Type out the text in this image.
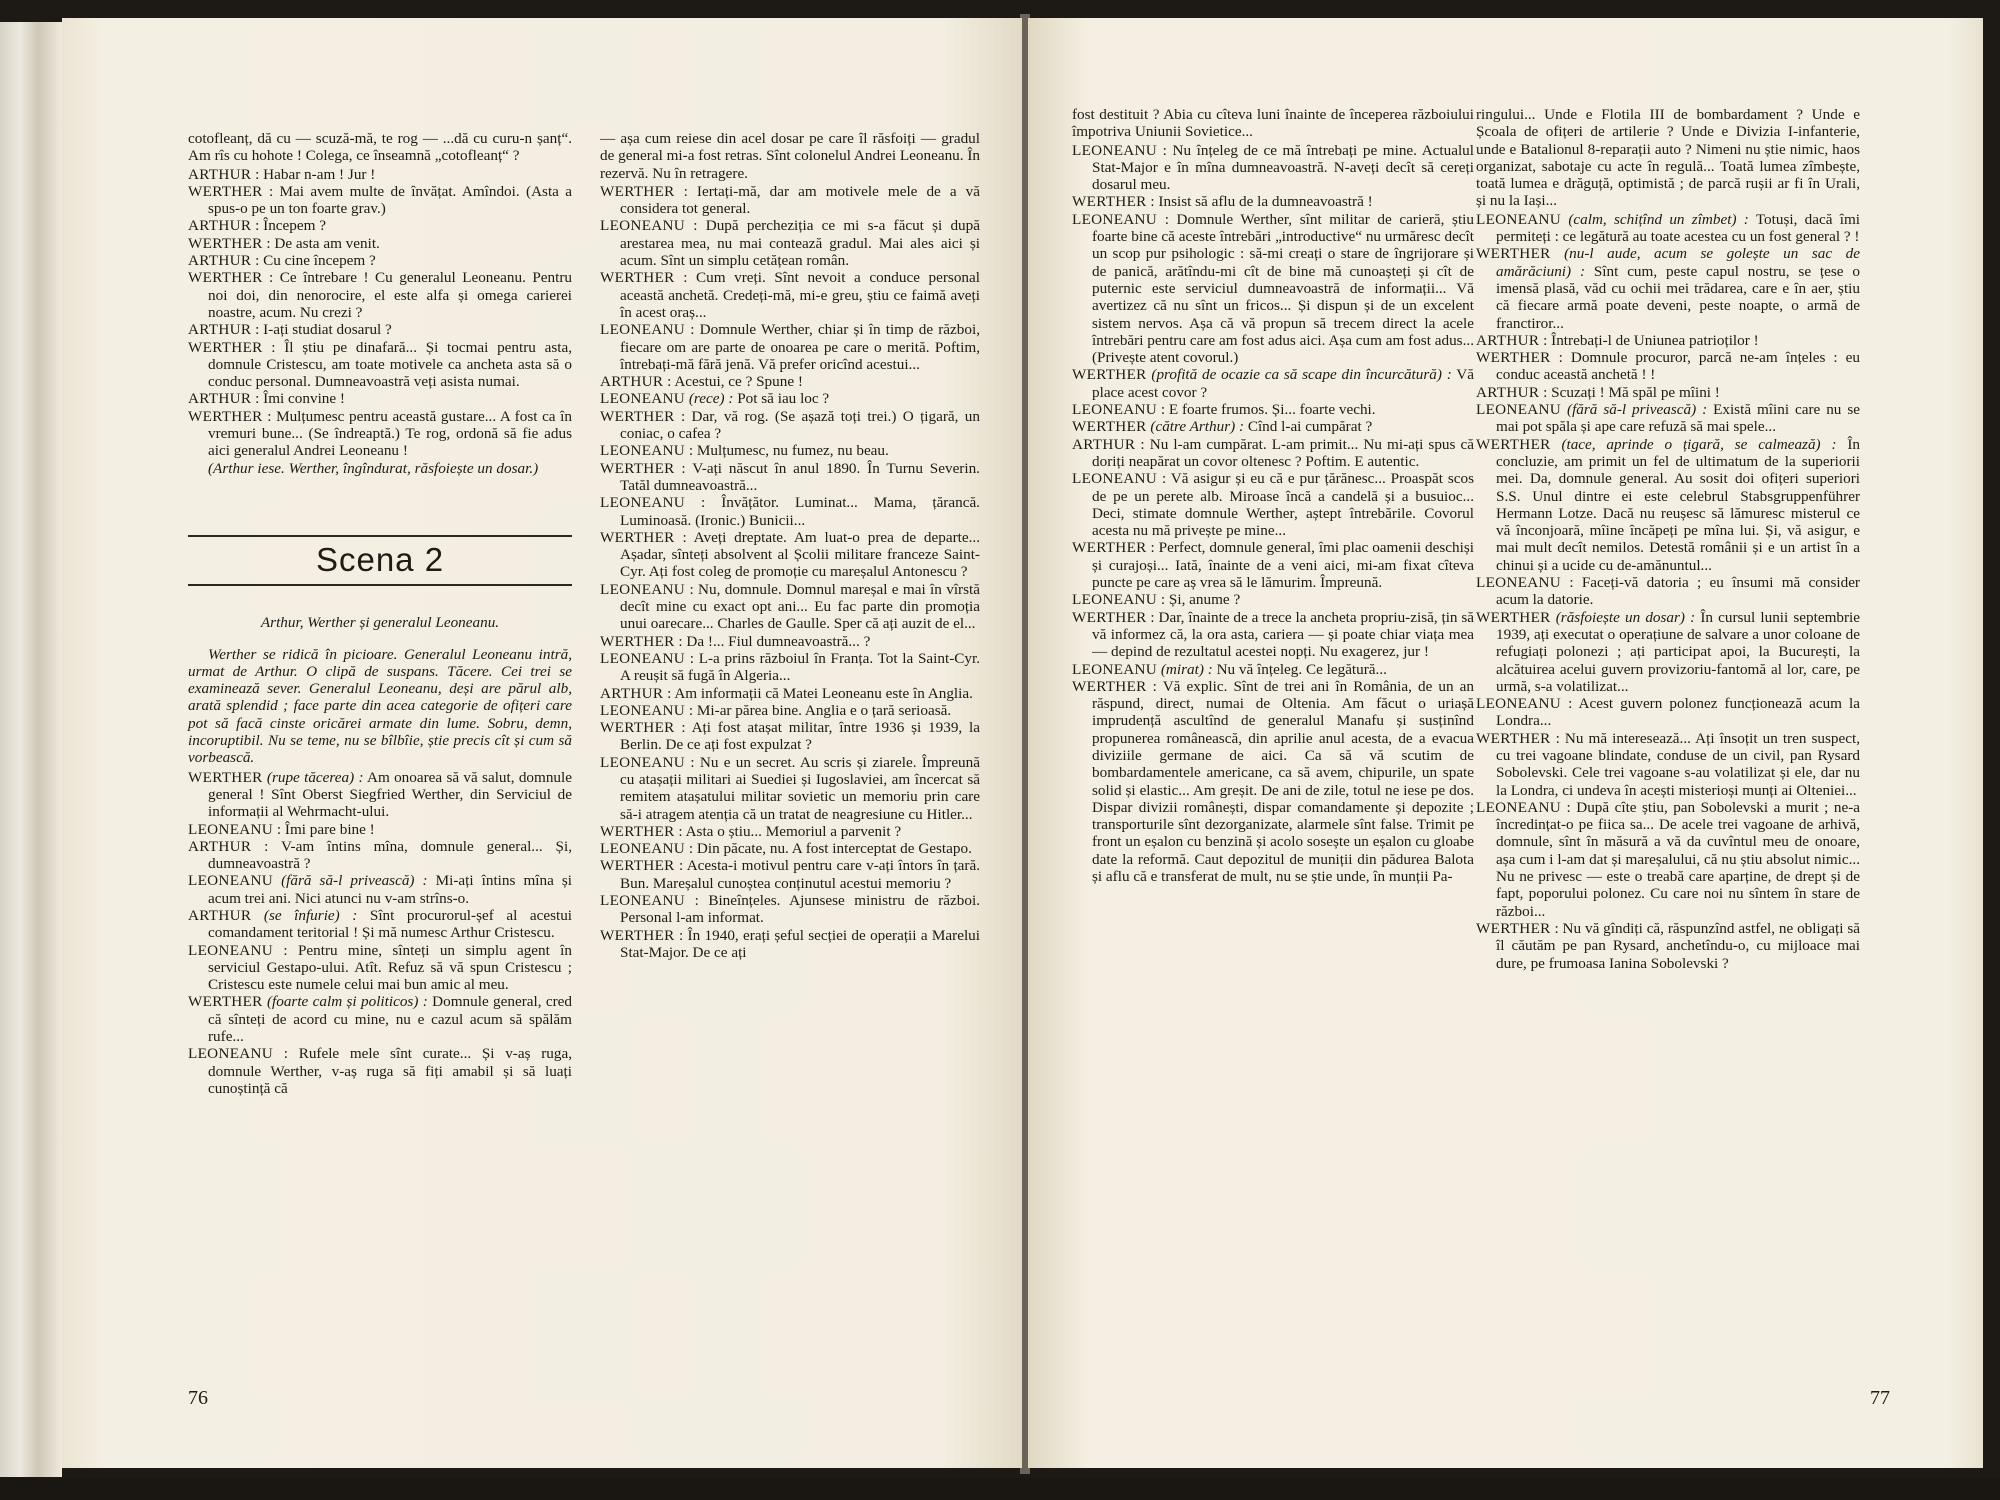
cotofleanț, dă cu — scuză-mă, te rog — ...dă cu curu-n șanț“. Am rîs cu hohote ! Colega, ce înseamnă „cotofleanț“ ?

ARTHUR : Habar n-am ! Jur !

WERTHER : Mai avem multe de învățat. Amîndoi. (Asta a spus-o pe un ton foarte grav.)

ARTHUR : Începem ?

WERTHER : De asta am venit.

ARTHUR : Cu cine începem ?

WERTHER : Ce întrebare ! Cu generalul Leoneanu. Pentru noi doi, din nenorocire, el este alfa și omega carierei noastre, acum. Nu crezi ?

ARTHUR : I-ați studiat dosarul ?

WERTHER : Îl știu pe dinafară... Și tocmai pentru asta, domnule Cristescu, am toate motivele ca ancheta asta să o conduc personal. Dumneavoastră veți asista numai.

ARTHUR : Îmi convine !

WERTHER : Mulțumesc pentru această gustare... A fost ca în vremuri bune... (Se îndreaptă.) Te rog, ordonă să fie adus aici generalul Andrei Leoneanu !

(Arthur iese. Werther, îngîndurat, răsfoiește un dosar.)

Scena 2
Arthur, Werther și generalul Leoneanu.

Werther se ridică în picioare. Generalul Leoneanu intră, urmat de Arthur. O clipă de suspans. Tăcere. Cei trei se examinează sever. Generalul Leoneanu, deși are părul alb, arată splendid ; face parte din acea categorie de ofițeri care pot să facă cinste oricărei armate din lume. Sobru, demn, incoruptibil. Nu se teme, nu se bîlbîie, știe precis cît și cum să vorbească.

WERTHER (rupe tăcerea) : Am onoarea să vă salut, domnule general ! Sînt Oberst Siegfried Werther, din Serviciul de informații al Wehrmacht-ului.

LEONEANU : Îmi pare bine !

ARTHUR : V-am întins mîna, domnule general... Și, dumneavoastră ?

LEONEANU (fără să-l privească) : Mi-ați întins mîna și acum trei ani. Nici atunci nu v-am strîns-o.

ARTHUR (se înfurie) : Sînt procurorul-șef al acestui comandament teritorial ! Și mă numesc Arthur Cristescu.

LEONEANU : Pentru mine, sînteți un simplu agent în serviciul Gestapo-ului. Atît. Refuz să vă spun Cristescu ; Cristescu este numele celui mai bun amic al meu.

WERTHER (foarte calm și politicos) : Domnule general, cred că sînteți de acord cu mine, nu e cazul acum să spălăm rufe...

LEONEANU : Rufele mele sînt curate... Și v-aș ruga, domnule Werther, v-aș ruga să fiți amabil și să luați cunoștință că

— așa cum reiese din acel dosar pe care îl răsfoiți — gradul de general mi-a fost retras. Sînt colonelul Andrei Leoneanu. În rezervă. Nu în retragere.

WERTHER : Iertați-mă, dar am motivele mele de a vă considera tot general.

LEONEANU : După percheziția ce mi s-a făcut și după arestarea mea, nu mai contează gradul. Mai ales aici și acum. Sînt un simplu cetățean român.

WERTHER : Cum vreți. Sînt nevoit a conduce personal această anchetă. Credeți-mă, mi-e greu, știu ce faimă aveți în acest oraș...

LEONEANU : Domnule Werther, chiar și în timp de război, fiecare om are parte de onoarea pe care o merită. Poftim, întrebați-mă fără jenă. Vă prefer oricînd acestui...

ARTHUR : Acestui, ce ? Spune !

LEONEANU (rece) : Pot să iau loc ?

WERTHER : Dar, vă rog. (Se așază toți trei.) O țigară, un coniac, o cafea ?

LEONEANU : Mulțumesc, nu fumez, nu beau.

WERTHER : V-ați născut în anul 1890. În Turnu Severin. Tatăl dumneavoastră...

LEONEANU : Învățător. Luminat... Mama, țărancă. Luminoasă. (Ironic.) Bunicii...

WERTHER : Aveți dreptate. Am luat-o prea de departe... Așadar, sînteți absolvent al Școlii militare franceze Saint-Cyr. Ați fost coleg de promoție cu mareșalul Antonescu ?

LEONEANU : Nu, domnule. Domnul mareșal e mai în vîrstă decît mine cu exact opt ani... Eu fac parte din promoția unui oarecare... Charles de Gaulle. Sper că ați auzit de el...

WERTHER : Da !... Fiul dumneavoastră... ?

LEONEANU : L-a prins războiul în Franța. Tot la Saint-Cyr. A reușit să fugă în Algeria...

ARTHUR : Am informații că Matei Leoneanu este în Anglia.

LEONEANU : Mi-ar părea bine. Anglia e o țară serioasă.

WERTHER : Ați fost atașat militar, între 1936 și 1939, la Berlin. De ce ați fost expulzat ?

LEONEANU : Nu e un secret. Au scris și ziarele. Împreună cu atașații militari ai Suediei și Iugoslaviei, am încercat să remitem atașatului militar sovietic un memoriu prin care să-i atragem atenția că un tratat de neagresiune cu Hitler...

WERTHER : Asta o știu... Memoriul a parvenit ?

LEONEANU : Din păcate, nu. A fost interceptat de Gestapo.

WERTHER : Acesta-i motivul pentru care v-ați întors în țară. Bun. Mareșalul cunoștea conținutul acestui memoriu ?

LEONEANU : Bineînțeles. Ajunsese ministru de război. Personal l-am informat.

WERTHER : În 1940, erați șeful secției de operații a Marelui Stat-Major. De ce ați

76

fost destituit ? Abia cu cîteva luni înainte de începerea războiului împotriva Uniunii Sovietice...

LEONEANU : Nu înțeleg de ce mă întrebați pe mine. Actualul Stat-Major e în mîna dumneavoastră. N-aveți decît să cereți dosarul meu.

WERTHER : Insist să aflu de la dumneavoastră !

LEONEANU : Domnule Werther, sînt militar de carieră, știu foarte bine că aceste întrebări „introductive“ nu urmăresc decît un scop pur psihologic : să-mi creați o stare de îngrijorare și de panică, arătîndu-mi cît de bine mă cunoașteți și cît de puternic este serviciul dumneavoastră de informații... Vă avertizez că nu sînt un fricos... Și dispun și de un excelent sistem nervos. Așa că vă propun să trecem direct la acele întrebări pentru care am fost adus aici. Așa cum am fost adus... (Privește atent covorul.)

WERTHER (profită de ocazie ca să scape din încurcătură) : Vă place acest covor ?

LEONEANU : E foarte frumos. Și... foarte vechi.

WERTHER (către Arthur) : Cînd l-ai cumpărat ?

ARTHUR : Nu l-am cumpărat. L-am primit... Nu mi-ați spus că doriți neapărat un covor oltenesc ? Poftim. E autentic.

LEONEANU : Vă asigur și eu că e pur țărănesc... Proaspăt scos de pe un perete alb. Miroase încă a candelă și a busuioc... Deci, stimate domnule Werther, aștept întrebările. Covorul acesta nu mă privește pe mine...

WERTHER : Perfect, domnule general, îmi plac oamenii deschiși și curajoși... Iată, înainte de a veni aici, mi-am fixat cîteva puncte pe care aș vrea să le lămurim. Împreună.

LEONEANU : Și, anume ?

WERTHER : Dar, înainte de a trece la ancheta propriu-zisă, țin să vă informez că, la ora asta, cariera — și poate chiar viața mea — depind de rezultatul acestei nopți. Nu exagerez, jur !

LEONEANU (mirat) : Nu vă înțeleg. Ce legătură...

WERTHER : Vă explic. Sînt de trei ani în România, de un an răspund, direct, numai de Oltenia. Am făcut o uriașă imprudență ascultînd de generalul Manafu și susținînd propunerea românească, din aprilie anul acesta, de a evacua diviziile germane de aici. Ca să vă scutim de bombardamentele americane, ca să avem, chipurile, un spate solid și elastic... Am greșit. De ani de zile, totul ne iese pe dos. Dispar divizii românești, dispar comandamente și depozite ; transporturile sînt dezorganizate, alarmele sînt false. Trimit pe front un eșalon cu benzină și acolo sosește un eșalon cu gloabe date la reformă. Caut depozitul de muniții din pădurea Balota și aflu că e transferat de mult, nu se știe unde, în munții Pa-

ringului... Unde e Flotila III de bombardament ? Unde e Școala de ofițeri de artilerie ? Unde e Divizia I-infanterie, unde e Batalionul 8-reparații auto ? Nimeni nu știe nimic, haos organizat, sabotaje cu acte în regulă... Toată lumea zîmbește, toată lumea e drăguță, optimistă ; de parcă rușii ar fi în Urali, și nu la Iași...

LEONEANU (calm, schițînd un zîmbet) : Totuși, dacă îmi permiteți : ce legătură au toate acestea cu un fost general ? !

WERTHER (nu-l aude, acum se golește un sac de amărăciuni) : Sînt cum, peste capul nostru, se țese o imensă plasă, văd cu ochii mei trădarea, care e în aer, știu că fiecare armă poate deveni, peste noapte, o armă de franctiror...

ARTHUR : Întrebați-l de Uniunea patrioților !

WERTHER : Domnule procuror, parcă ne-am înțeles : eu conduc această anchetă ! !

ARTHUR : Scuzați ! Mă spăl pe mîini !

LEONEANU (fără să-l privească) : Există mîini care nu se mai pot spăla și ape care refuză să mai spele...

WERTHER (tace, aprinde o țigară, se calmează) : În concluzie, am primit un fel de ultimatum de la superiorii mei. Da, domnule general. Au sosit doi ofițeri superiori S.S. Unul dintre ei este celebrul Stabsgruppenführer Hermann Lotze. Dacă nu reușesc să lămuresc misterul ce vă înconjoară, mîine încăpeți pe mîna lui. Și, vă asigur, e mai mult decît nemilos. Detestă românii și e un artist în a chinui și a ucide cu de-amănuntul...

LEONEANU : Faceți-vă datoria ; eu însumi mă consider acum la datorie.

WERTHER (răsfoiește un dosar) : În cursul lunii septembrie 1939, ați executat o operațiune de salvare a unor coloane de refugiați polonezi ; ați participat apoi, la București, la alcătuirea acelui guvern provizoriu-fantomă al lor, care, pe urmă, s-a volatilizat...

LEONEANU : Acest guvern polonez funcționează acum la Londra...

WERTHER : Nu mă interesează... Ați însoțit un tren suspect, cu trei vagoane blindate, conduse de un civil, pan Rysard Sobolevski. Cele trei vagoane s-au volatilizat și ele, dar nu la Londra, ci undeva în acești misterioși munți ai Olteniei...

LEONEANU : După cîte știu, pan Sobolevski a murit ; ne-a încredințat-o pe fiica sa... De acele trei vagoane de arhivă, domnule, sînt în măsură a vă da cuvîntul meu de onoare, așa cum i l-am dat și mareșalului, că nu știu absolut nimic... Nu ne privesc — este o treabă care aparține, de drept și de fapt, poporului polonez. Cu care noi nu sîntem în stare de război...

WERTHER : Nu vă gîndiți că, răspunzînd astfel, ne obligați să îl căutăm pe pan Rysard, anchetîndu-o, cu mijloace mai dure, pe frumoasa Ianina Sobolevski ?

77
